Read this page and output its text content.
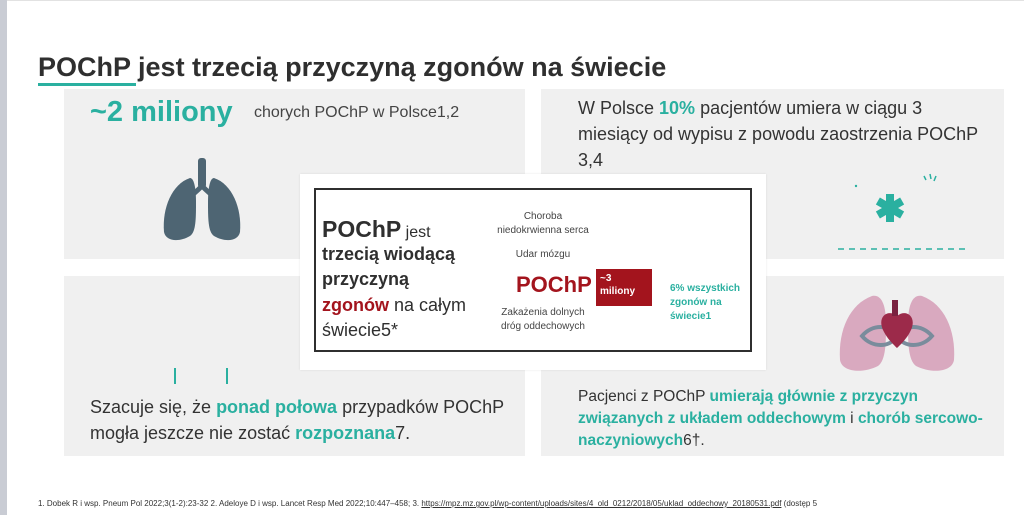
POChP jest trzecią przyczyną zgonów na świecie
~2 miliony chorych POChP w Polsce1,2	W Polsce 10% pacjentów umiera w ciągu 3 miesiący od wypisu z powodu zaostrzenia POChP 3,4
Szacuje się, że ponad połowa przypadków POChP mogła jeszcze nie zostać rozpoznana7.
Pacjenci z POChP umierają głównie z przyczyn związanych z układem oddechowym i chorób sercowo-naczyniowych6†.
POChP jest
trzecią wiodącą
przyczyną
zgonów na całym
świecie5*
Choroba
niedokrwienna serca
Udar mózgu
POChP ~3
miliony
Zakażenia dolnych
dróg oddechowych
6% wszystkich
zgonów na
świecie1
1. Dobek R i wsp. Pneum Pol 2022;3(1-2):23-32 2. Adeloye D i wsp. Lancet Resp Med 2022;10:447–458; 3. https://mpz.mz.gov.pl/wp-content/uploads/sites/4_old_0212/2018/05/uklad_oddechowy_20180531.pdf (dostęp 5
